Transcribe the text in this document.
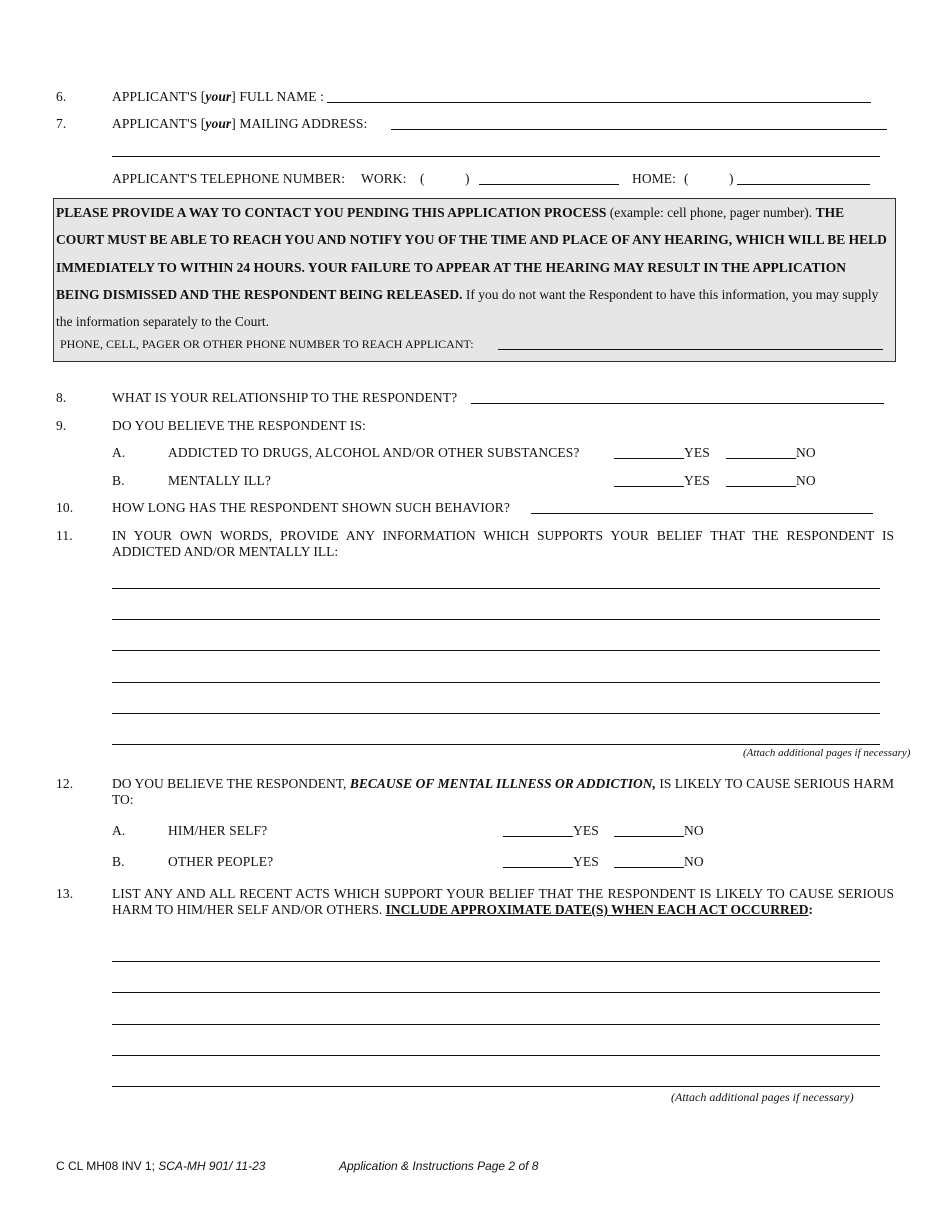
6.	APPLICANT'S [your] FULL NAME :
7.	APPLICANT'S [your] MAILING ADDRESS:
APPLICANT'S TELEPHONE NUMBER: WORK: (	)	HOME: (	)
PLEASE PROVIDE A WAY TO CONTACT YOU PENDING THIS APPLICATION PROCESS (example: cell phone, pager number). THE COURT MUST BE ABLE TO REACH YOU AND NOTIFY YOU OF THE TIME AND PLACE OF ANY HEARING, WHICH WILL BE HELD IMMEDIATELY TO WITHIN 24 HOURS. YOUR FAILURE TO APPEAR AT THE HEARING MAY RESULT IN THE APPLICATION BEING DISMISSED AND THE RESPONDENT BEING RELEASED. If you do not want the Respondent to have this information, you may supply the information separately to the Court.
PHONE, CELL, PAGER OR OTHER PHONE NUMBER TO REACH APPLICANT:
8.	WHAT IS YOUR RELATIONSHIP TO THE RESPONDENT?
9.	DO YOU BELIEVE THE RESPONDENT IS:
A.	ADDICTED TO DRUGS, ALCOHOL AND/OR OTHER SUBSTANCES?	YES	NO
B.	MENTALLY ILL?	YES	NO
10.	HOW LONG HAS THE RESPONDENT SHOWN SUCH BEHAVIOR?
11.	IN YOUR OWN WORDS, PROVIDE ANY INFORMATION WHICH SUPPORTS YOUR BELIEF THAT THE RESPONDENT IS ADDICTED AND/OR MENTALLY ILL:
(Attach additional pages if necessary)
12.	DO YOU BELIEVE THE RESPONDENT, BECAUSE OF MENTAL ILLNESS OR ADDICTION, IS LIKELY TO CAUSE SERIOUS HARM TO:
A.	HIM/HER SELF?	YES	NO
B.	OTHER PEOPLE?	YES	NO
13.	LIST ANY AND ALL RECENT ACTS WHICH SUPPORT YOUR BELIEF THAT THE RESPONDENT IS LIKELY TO CAUSE SERIOUS HARM TO HIM/HER SELF AND/OR OTHERS. INCLUDE APPROXIMATE DATE(S) WHEN EACH ACT OCCURRED:
(Attach additional pages if necessary)
C CL MH08 INV 1; SCA-MH 901/ 11-23	Application & Instructions Page 2 of 8
